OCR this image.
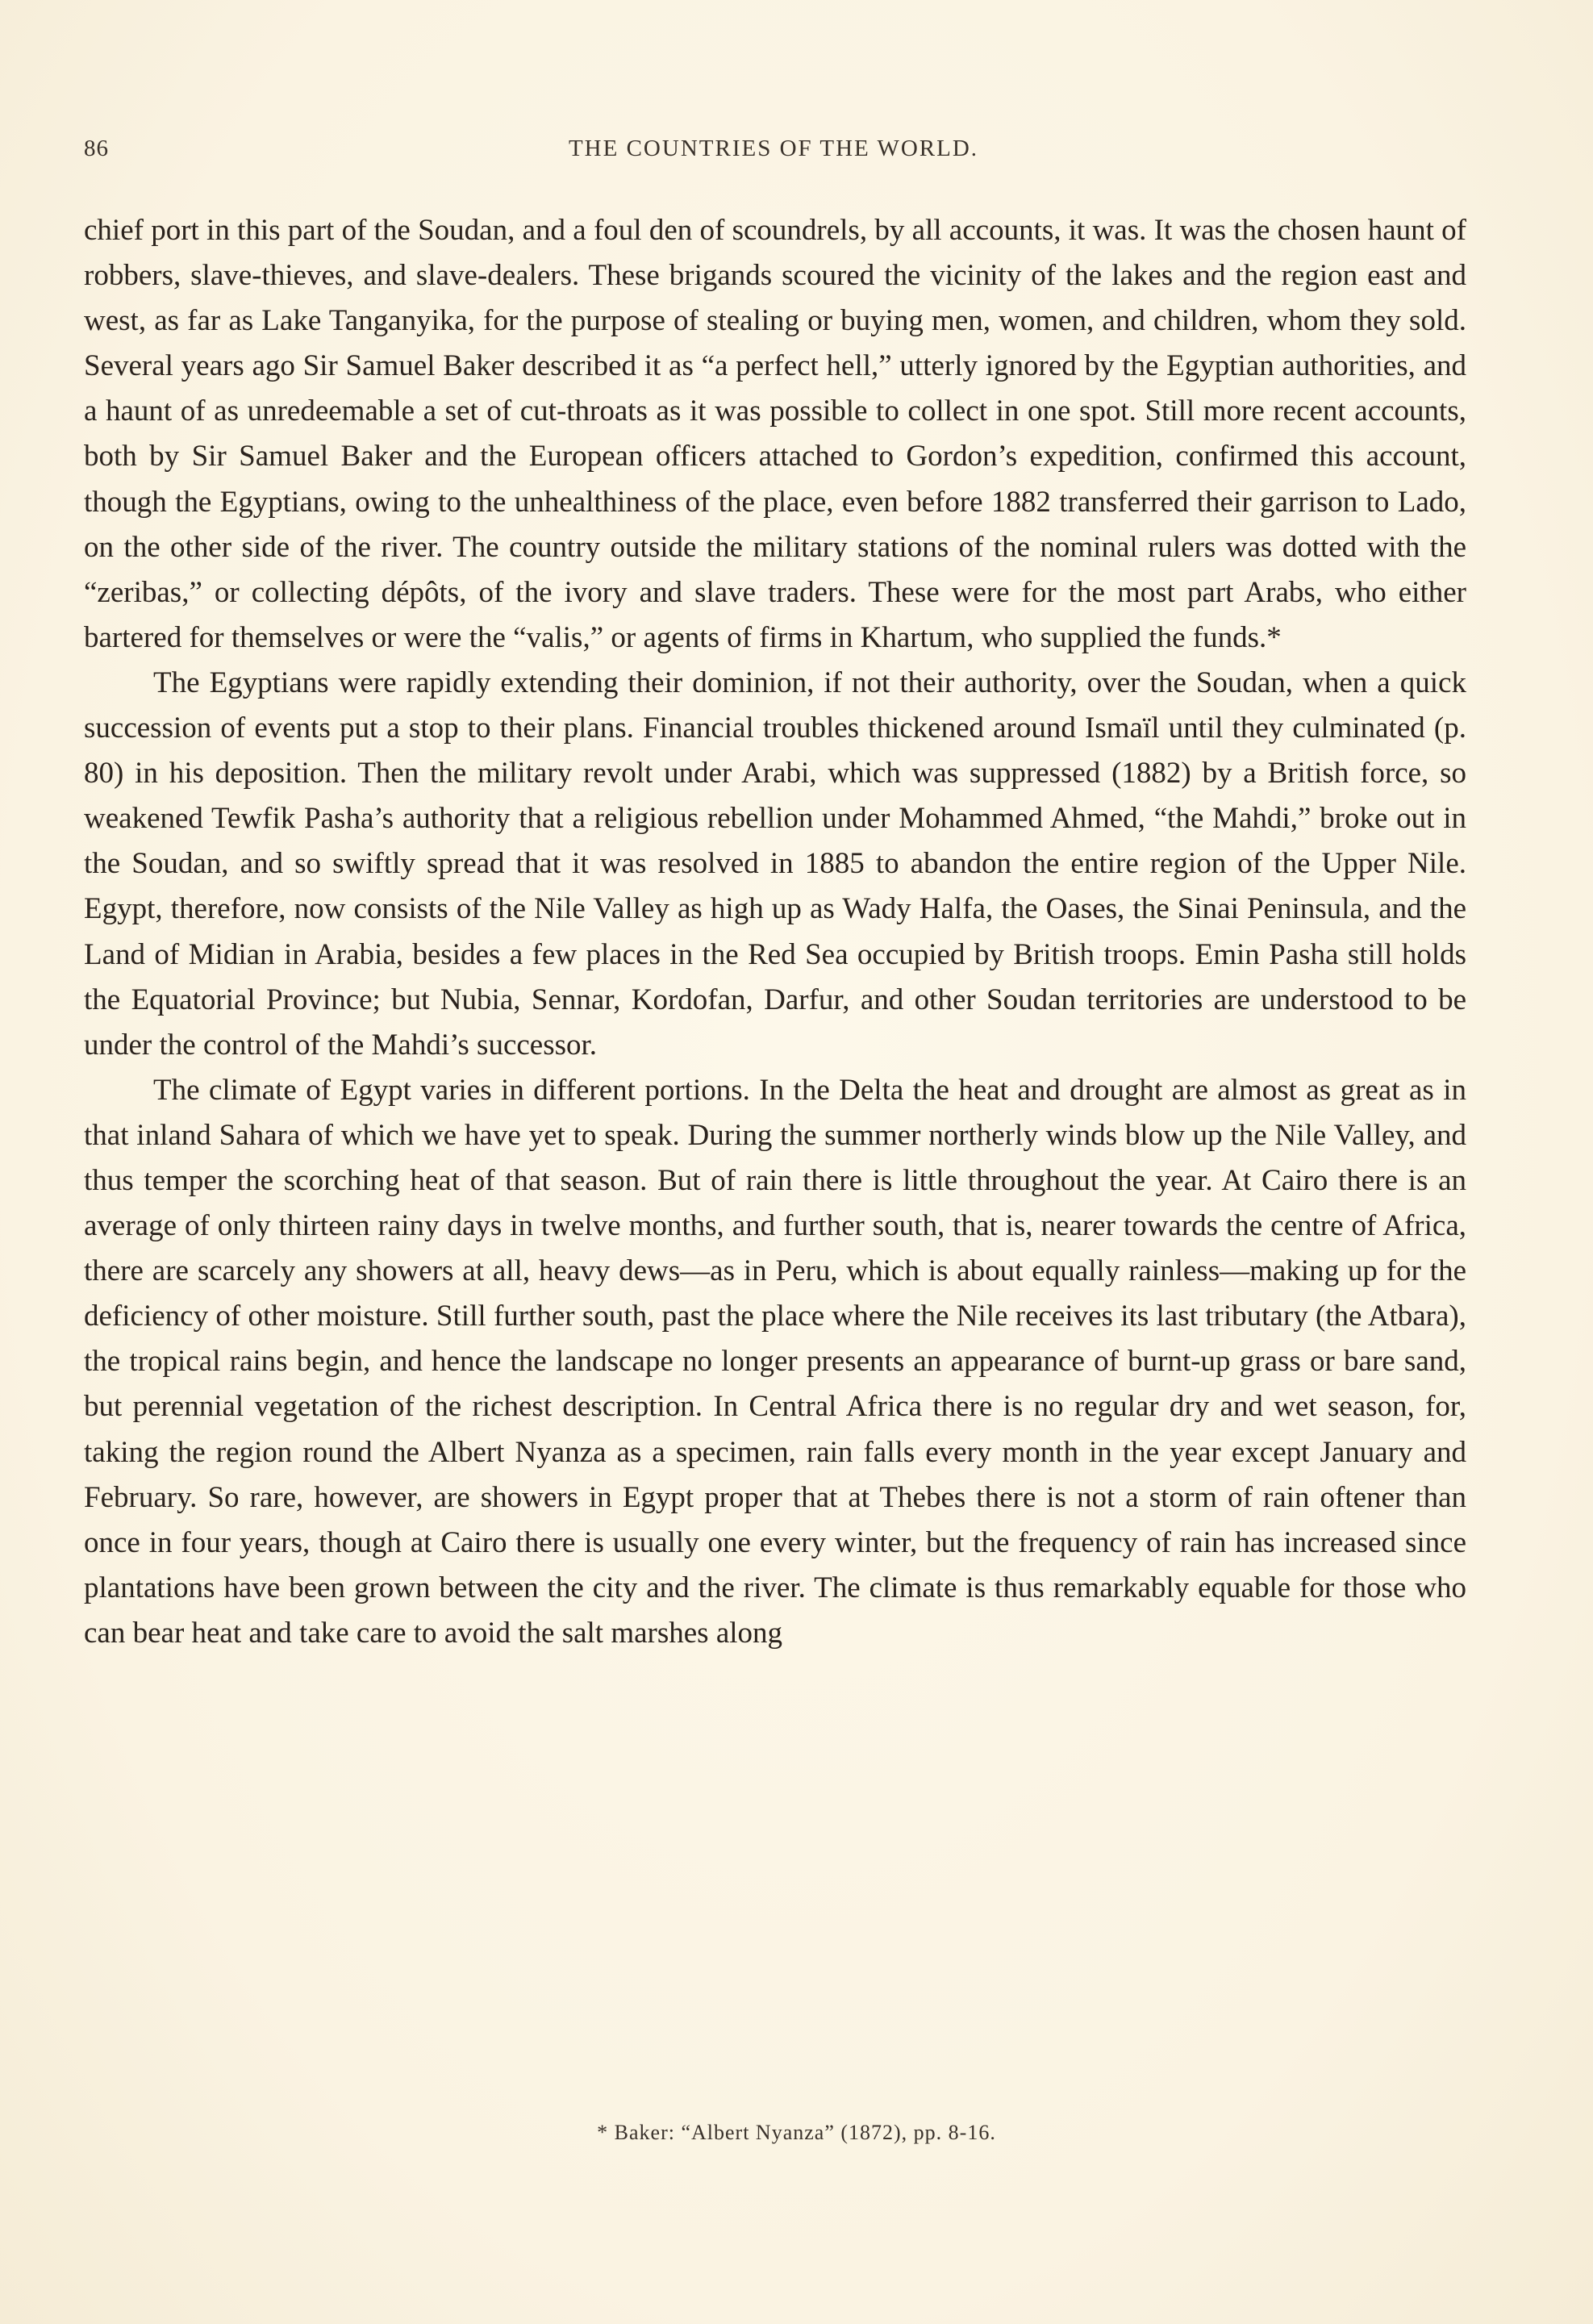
86	THE COUNTRIES OF THE WORLD.

chief port in this part of the Soudan, and a foul den of scoundrels, by all accounts, it was. It was the chosen haunt of robbers, slave-thieves, and slave-dealers. These brigands scoured the vicinity of the lakes and the region east and west, as far as Lake Tanganyika, for the purpose of stealing or buying men, women, and children, whom they sold. Several years ago Sir Samuel Baker described it as “a perfect hell,” utterly ignored by the Egyptian authorities, and a haunt of as unredeemable a set of cut-throats as it was possible to collect in one spot. Still more recent accounts, both by Sir Samuel Baker and the European officers attached to Gordon’s expedition, confirmed this account, though the Egyptians, owing to the unhealthiness of the place, even before 1882 transferred their garrison to Lado, on the other side of the river. The country outside the military stations of the nominal rulers was dotted with the “zeribas,” or collecting dépôts, of the ivory and slave traders. These were for the most part Arabs, who either bartered for themselves or were the “valis,” or agents of firms in Khartum, who supplied the funds.*

The Egyptians were rapidly extending their dominion, if not their authority, over the Soudan, when a quick succession of events put a stop to their plans. Financial troubles thickened around Ismaïl until they culminated (p. 80) in his deposition. Then the military revolt under Arabi, which was suppressed (1882) by a British force, so weakened Tewfik Pasha’s authority that a religious rebellion under Mohammed Ahmed, “the Mahdi,” broke out in the Soudan, and so swiftly spread that it was resolved in 1885 to abandon the entire region of the Upper Nile. Egypt, therefore, now consists of the Nile Valley as high up as Wady Halfa, the Oases, the Sinai Peninsula, and the Land of Midian in Arabia, besides a few places in the Red Sea occupied by British troops. Emin Pasha still holds the Equatorial Province; but Nubia, Sennar, Kordofan, Darfur, and other Soudan territories are understood to be under the control of the Mahdi’s successor.

The climate of Egypt varies in different portions. In the Delta the heat and drought are almost as great as in that inland Sahara of which we have yet to speak. During the summer northerly winds blow up the Nile Valley, and thus temper the scorching heat of that season. But of rain there is little throughout the year. At Cairo there is an average of only thirteen rainy days in twelve months, and further south, that is, nearer towards the centre of Africa, there are scarcely any showers at all, heavy dews—as in Peru, which is about equally rainless—making up for the deficiency of other moisture. Still further south, past the place where the Nile receives its last tributary (the Atbara), the tropical rains begin, and hence the landscape no longer presents an appearance of burnt-up grass or bare sand, but perennial vegetation of the richest description. In Central Africa there is no regular dry and wet season, for, taking the region round the Albert Nyanza as a specimen, rain falls every month in the year except January and February. So rare, however, are showers in Egypt proper that at Thebes there is not a storm of rain oftener than once in four years, though at Cairo there is usually one every winter, but the frequency of rain has increased since plantations have been grown between the city and the river. The climate is thus remarkably equable for those who can bear heat and take care to avoid the salt marshes along

* Baker: “Albert Nyanza” (1872), pp. 8-16.
